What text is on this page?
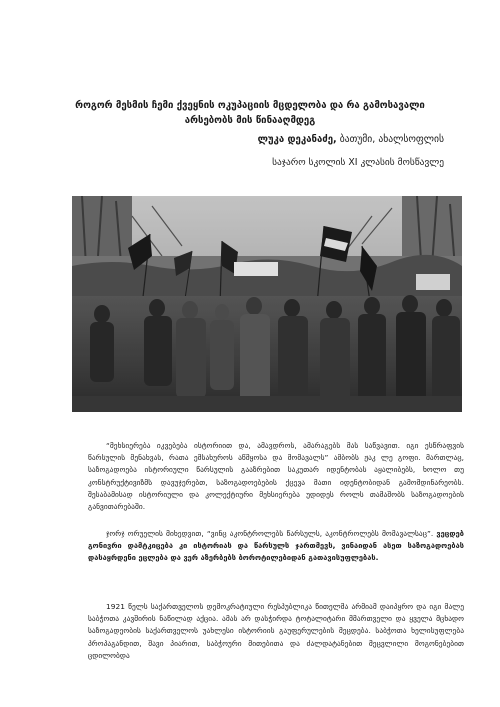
როგორ მესმის ჩემი ქვეყნის ოკუპაციის მცდელობა და რა გამოსავალი არსებობს მის წინააღმდეგ
ლუკა დეკანაძე, ბათუმი, ახალსოფლის
საჯარო სკოლის XI კლასის მოსწავლე
“მეხსიერება იკვებება ისტორიით და, ამავდროს, ამარაგებს მას საწვავით. იგი ესწრაფვის წარსულის მენახვას, რათა ემსახუროს აწმყოსა და მომავალს” ამბობს ჟაკ ლე გოფი. მართლაც, საზოგადოება ისტორიული წარსულის გააზრებით საკუთარ იდენტობას აყალიბებს, ხოლო თუ კონსტრუქტივიზმს დავუჯერებთ, საზოგადოებების ქცევა მათი იდენტობიდან გამომდინარეობს. შესაბამისად ისტორიული და კოლექტიური მეხსიერება უდიდეს როლს თამაშობს საზოგადოების განვითარებაში.
ჯორჯ ორუელის მიხედვით, “ვინც აკონტროლებს წარსულს, აკონტროლებს მომავალსაც”. ვეცდებ გონივრი დამტკიცება კი ისტორიას და წარსულს ჯართმევს, ვინაიდან ასეთ საზოგადოებას დასაყრდენი ეცლება და ვერ აზერბებს ბოროტილებიდან გათავისუფლებას.
1921 წელს საქართველოს დემოკრატიული რესპუბლიკა წითელმა არმიამ დაიპყრო და იგი მალე საბჭოთა კავშირის ნაწილად აქცია. ამას არ დასჭირდა ტოტალიტარი მმართველი და ყველა მცხადო საზოგადეობის საქართველოს უახლესი ისტორიის გაუფერულების მეცდება. საბჭოთა ხელისუფლება პროპაგანდით, შავი პიარით, საბჭოური მითებითა და ძალდატანებით მეცვლილი მოგონებებით ცდილობდა
